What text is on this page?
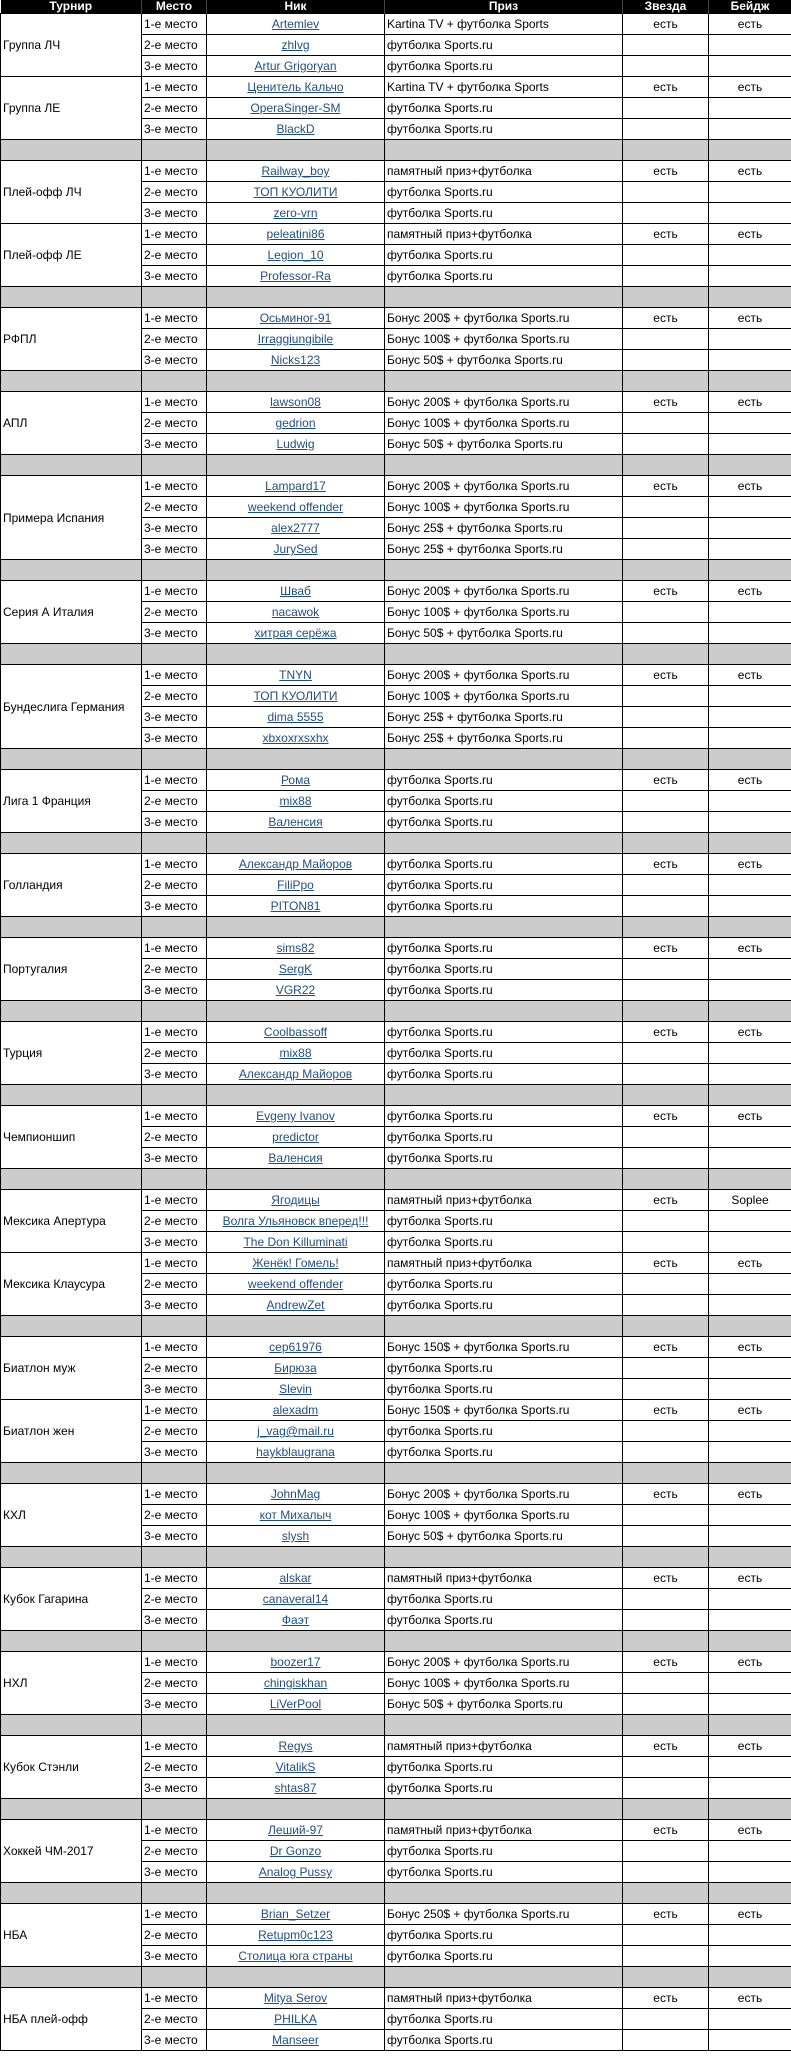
Турнир	Место	Ник	Приз	Звезда	Бейдж
Группа ЛЧ	1-е место	Artemlev	Kartina TV + футболка Sports	есть	есть
	2-е место	zhlvg	футболка Sports.ru		
	3-е место	Artur Grigoryan	футболка Sports.ru		
Группа ЛЕ	1-е место	Ценитель Кальчо	Kartina TV + футболка Sports	есть	есть
	2-е место	OperaSinger-SM	футболка Sports.ru		
	3-е место	BlackD	футболка Sports.ru		

Плей-офф ЛЧ	1-е место	Railway_boy	памятный приз+футболка	есть	есть
	2-е место	ТОП КУОЛИТИ	футболка Sports.ru		
	3-е место	zero-vrn	футболка Sports.ru		
Плей-офф ЛЕ	1-е место	peleatini86	памятный приз+футболка	есть	есть
	2-е место	Legion_10	футболка Sports.ru		
	3-е место	Professor-Ra	футболка Sports.ru		

РФПЛ	1-е место	Осьминог-91	Бонус 200$ + футболка Sports.ru	есть	есть
	2-е место	Irraggiungibile	Бонус 100$ + футболка Sports.ru		
	3-е место	Nicks123	Бонус 50$ + футболка Sports.ru		

АПЛ	1-е место	lawson08	Бонус 200$ + футболка Sports.ru	есть	есть
	2-е место	gedrion	Бонус 100$ + футболка Sports.ru		
	3-е место	Ludwig	Бонус 50$ + футболка Sports.ru		

Примера Испания	1-е место	Lampard17	Бонус 200$ + футболка Sports.ru	есть	есть
	2-е место	weekend offender	Бонус 100$ + футболка Sports.ru		
	3-е место	alex2777	Бонус 25$ + футболка Sports.ru		
	3-е место	JurySed	Бонус 25$ + футболка Sports.ru		

Серия А Италия	1-е место	Шваб	Бонус 200$ + футболка Sports.ru	есть	есть
	2-е место	nacawok	Бонус 100$ + футболка Sports.ru		
	3-е место	хитрая серёжа	Бонус 50$ + футболка Sports.ru		

Бундеслига Германия	1-е место	TNYN	Бонус 200$ + футболка Sports.ru	есть	есть
	2-е место	ТОП КУОЛИТИ	Бонус 100$ + футболка Sports.ru		
	3-е место	dima 5555	Бонус 25$ + футболка Sports.ru		
	3-е место	xbxoxrxsxhx	Бонус 25$ + футболка Sports.ru		

Лига 1 Франция	1-е место	Рома	футболка Sports.ru	есть	есть
	2-е место	mix88	футболка Sports.ru		
	3-е место	Валенсия	футболка Sports.ru		

Голландия	1-е место	Александр Майоров	футболка Sports.ru	есть	есть
	2-е место	FiliPpo	футболка Sports.ru		
	3-е место	PITON81	футболка Sports.ru		

Португалия	1-е место	sims82	футболка Sports.ru	есть	есть
	2-е место	SergK	футболка Sports.ru		
	3-е место	VGR22	футболка Sports.ru		

Турция	1-е место	Coolbassoff	футболка Sports.ru	есть	есть
	2-е место	mix88	футболка Sports.ru		
	3-е место	Александр Майоров	футболка Sports.ru		

Чемпионшип	1-е место	Evgeny Ivanov	футболка Sports.ru	есть	есть
	2-е место	predictor	футболка Sports.ru		
	3-е место	Валенсия	футболка Sports.ru		

Мексика Апертура	1-е место	Ягодицы	памятный приз+футболка	есть	Soplee
	2-е место	Волга Ульяновск вперед!!!	футболка Sports.ru		
	3-е место	The Don Killuminati	футболка Sports.ru		
Мексика Клаусура	1-е место	Женёк! Гомель!	памятный приз+футболка	есть	есть
	2-е место	weekend offender	футболка Sports.ru		
	3-е место	AndrewZet	футболка Sports.ru		

Биатлон муж	1-е место	сер61976	Бонус 150$ + футболка Sports.ru	есть	есть
	2-е место	Бирюза	футболка Sports.ru		
	3-е место	Slevin	футболка Sports.ru		
Биатлон жен	1-е место	alexadm	Бонус 150$ + футболка Sports.ru	есть	есть
	2-е место	j_vag@mail.ru	футболка Sports.ru		
	3-е место	haykblaugrana	футболка Sports.ru		

КХЛ	1-е место	JohnMag	Бонус 200$ + футболка Sports.ru	есть	есть
	2-е место	кот Михалыч	Бонус 100$ + футболка Sports.ru		
	3-е место	slysh	Бонус 50$ + футболка Sports.ru		

Кубок Гагарина	1-е место	alskar	памятный приз+футболка	есть	есть
	2-е место	canaveral14	футболка Sports.ru		
	3-е место	Фаэт	футболка Sports.ru		

НХЛ	1-е место	boozer17	Бонус 200$ + футболка Sports.ru	есть	есть
	2-е место	chingiskhan	Бонус 100$ + футболка Sports.ru		
	3-е место	LiVerPool	Бонус 50$ + футболка Sports.ru		

Кубок Стэнли	1-е место	Regys	памятный приз+футболка	есть	есть
	2-е место	VitalikS	футболка Sports.ru		
	3-е место	shtas87	футболка Sports.ru		

Хоккей ЧМ-2017	1-е место	Леший-97	памятный приз+футболка	есть	есть
	2-е место	Dr Gonzo	футболка Sports.ru		
	3-е место	Analog Pussy	футболка Sports.ru		

НБА	1-е место	Brian_Setzer	Бонус 250$ + футболка Sports.ru	есть	есть
	2-е место	Retupm0c123	футболка Sports.ru		
	3-е место	Столица юга страны	футболка Sports.ru		

НБА плей-офф	1-е место	Mitya Serov	памятный приз+футболка	есть	есть
	2-е место	PHILKA	футболка Sports.ru		
	3-е место	Manseer	футболка Sports.ru		
